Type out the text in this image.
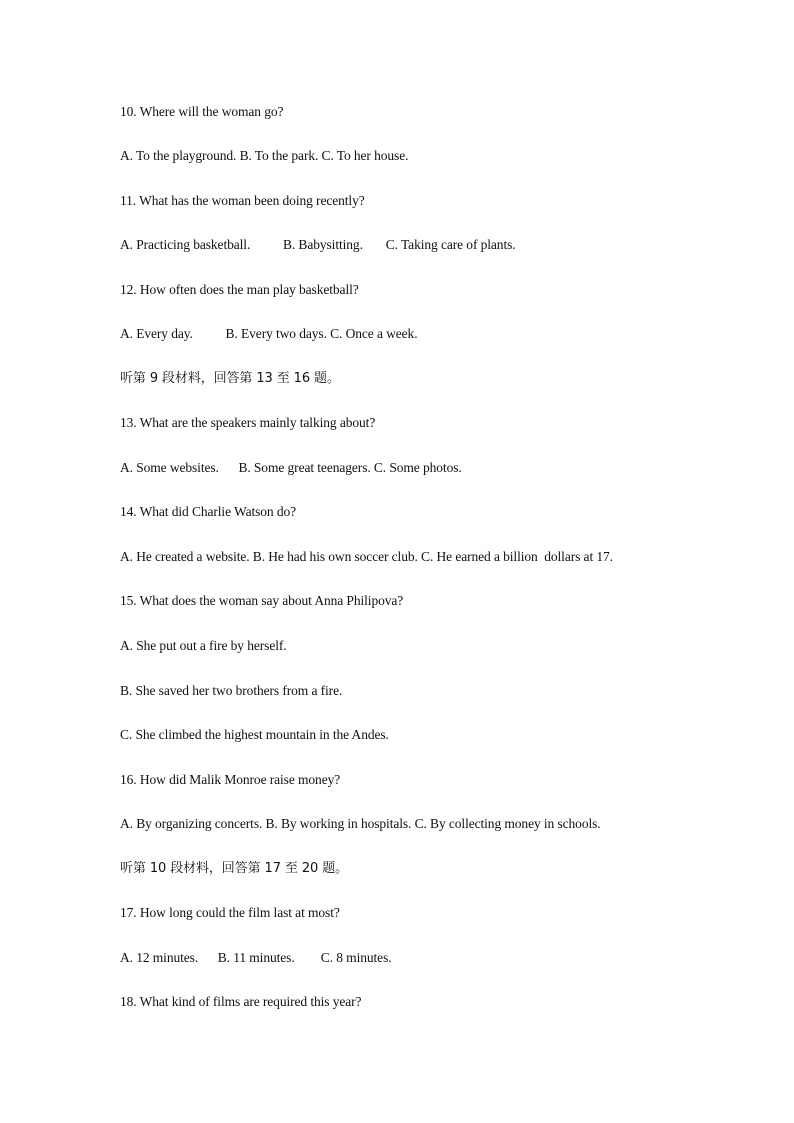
10. Where will the woman go?
A. To the playground. B. To the park. C. To her house.
11. What has the woman been doing recently?
A. Practicing basketball.          B. Babysitting.       C. Taking care of plants.
12. How often does the man play basketball?
A. Every day.          B. Every two days. C. Once a week.
听第 9 段材料，回答第 13 至 16 题。
13. What are the speakers mainly talking about?
A. Some websites.      B. Some great teenagers. C. Some photos.
14. What did Charlie Watson do?
A. He created a website. B. He had his own soccer club. C. He earned a billion  dollars at 17.
15. What does the woman say about Anna Philipova?
A. She put out a fire by herself.
B. She saved her two brothers from a fire.
C. She climbed the highest mountain in the Andes.
16. How did Malik Monroe raise money?
A. By organizing concerts. B. By working in hospitals. C. By collecting money in schools.
听第 10 段材料，回答第 17 至 20 题。
17. How long could the film last at most?
A. 12 minutes.      B. 11 minutes.        C. 8 minutes.
18. What kind of films are required this year?
